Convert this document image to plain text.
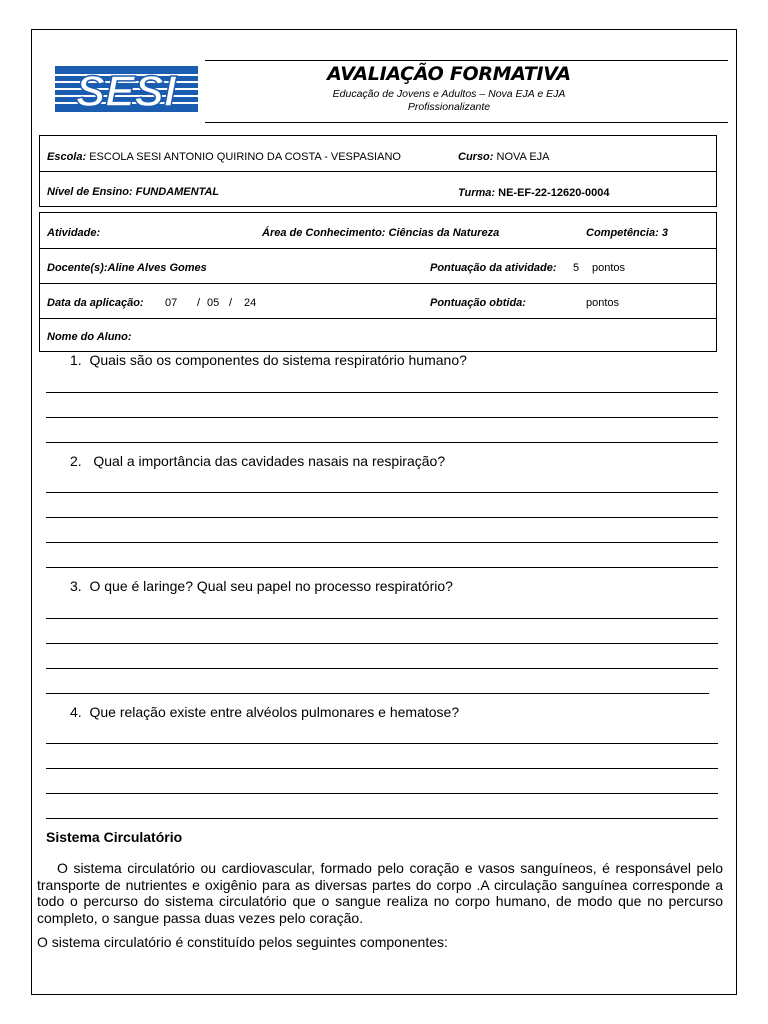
SESI	AVALIAÇÃO FORMATIVA
Educação de Jovens e Adultos – Nova EJA e EJA
Profissionalizante
Escola: ESCOLA SESI ANTONIO QUIRINO DA COSTA - VESPASIANO	Curso: NOVA EJA
Nível de Ensino: FUNDAMENTAL	Turma: NE-EF-22-12620-0004
Atividade:	Área de Conhecimento: Ciências da Natureza	Competência: 3
Docente(s):Aline Alves Gomes	Pontuação da atividade: 5 pontos
Data da aplicação: 07 / 05 / 24	Pontuação obtida:	pontos
Nome do Aluno:
1. Quais são os componentes do sistema respiratório humano?
2. Qual a importância das cavidades nasais na respiração?
3. O que é laringe? Qual seu papel no processo respiratório?
4. Que relação existe entre alvéolos pulmonares e hematose?
Sistema Circulatório
O sistema circulatório ou cardiovascular, formado pelo coração e vasos sanguíneos, é responsável pelo transporte de nutrientes e oxigênio para as diversas partes do corpo .A circulação sanguínea corresponde a todo o percurso do sistema circulatório que o sangue realiza no corpo humano, de modo que no percurso completo, o sangue passa duas vezes pelo coração.
O sistema circulatório é constituído pelos seguintes componentes:
